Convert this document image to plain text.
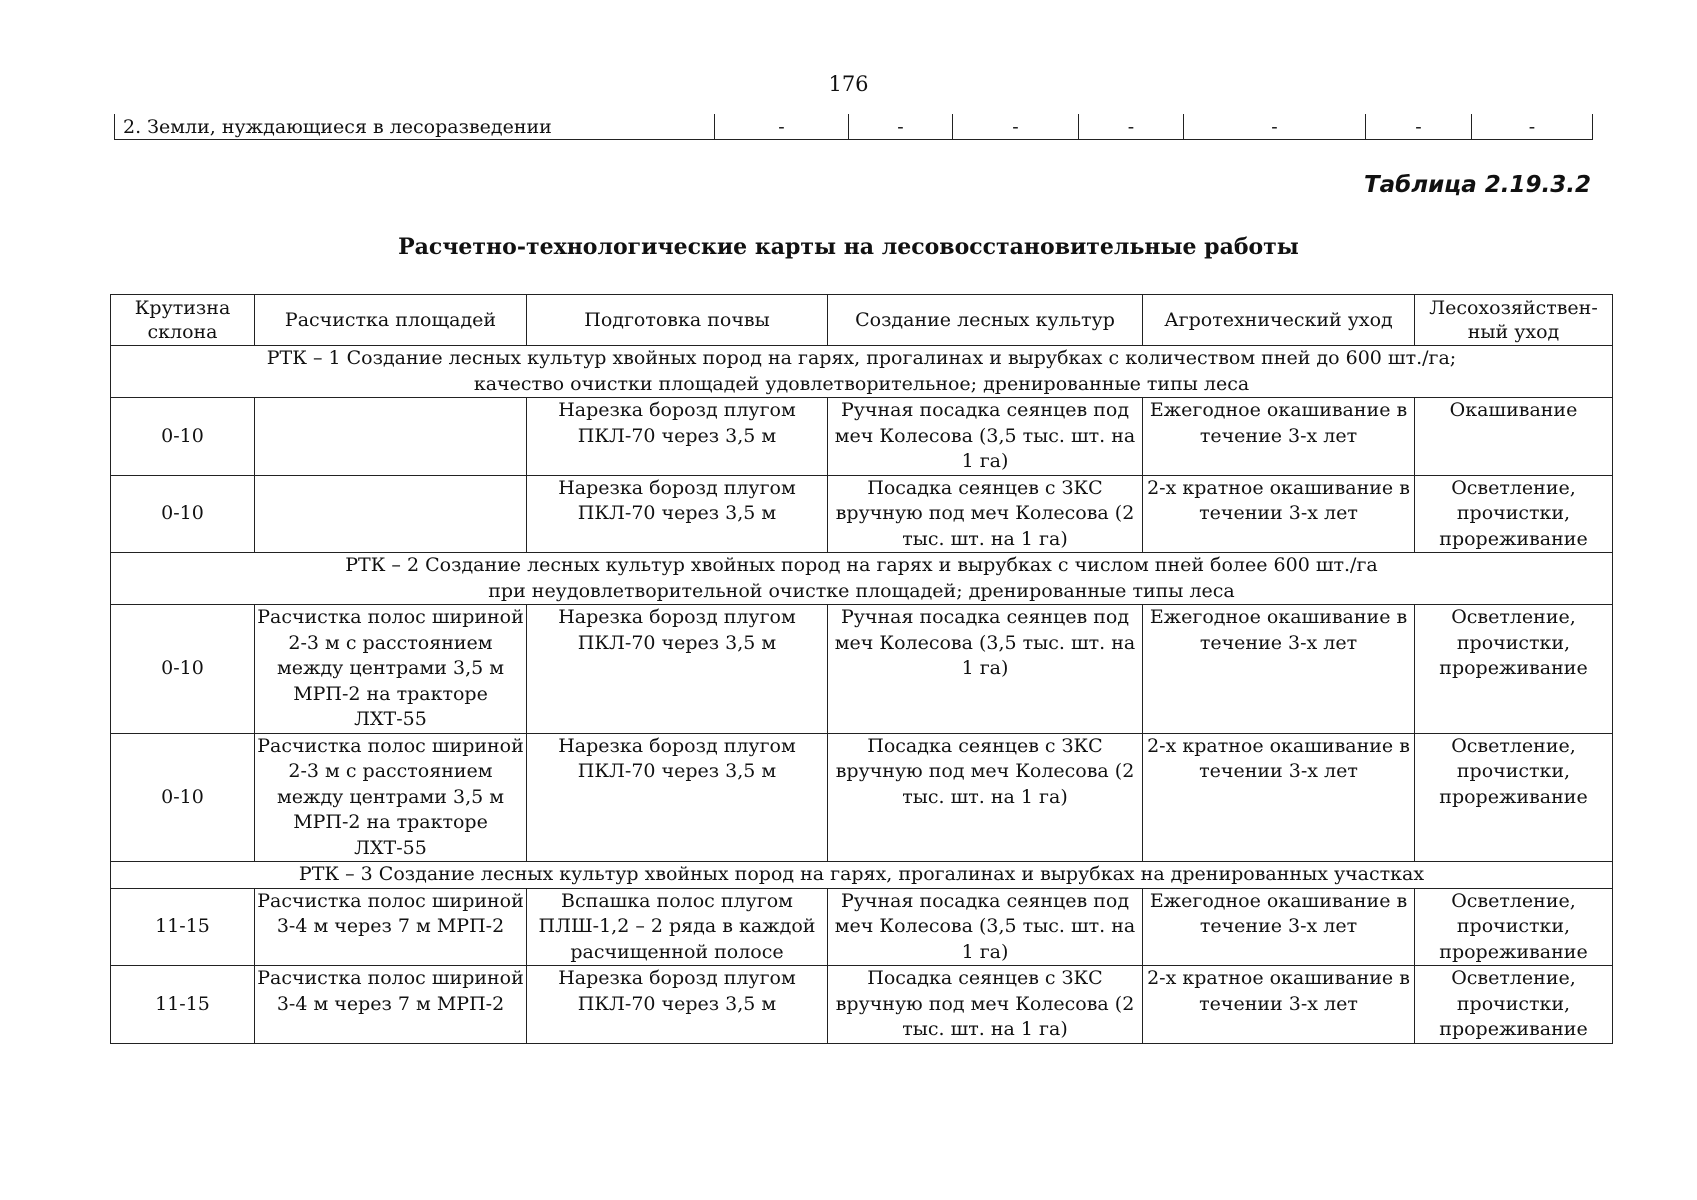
176
2. Земли, нуждающиеся в лесоразведении	-	-	-	-	-	-	-
Таблица 2.19.3.2
Расчетно-технологические карты на лесовосстановительные работы
Крутизна склона	Расчистка площадей	Подготовка почвы	Создание лесных культур	Агротехнический уход	Лесохозяйствен-ный уход

РТК – 1 Создание лесных культур хвойных пород на гарях, прогалинах и вырубках с количеством пней до 600 шт./га;
качество очистки площадей удовлетворительное; дренированные типы леса					

0-10		Нарезка борозд плугом ПКЛ-70 через 3,5 м	Ручная посадка сеянцев под меч Колесова (3,5 тыс. шт. на 1 га)	Ежегодное окашивание в течение 3-х лет	Окашивание
0-10		Нарезка борозд плугом ПКЛ-70 через 3,5 м	Посадка сеянцев с ЗКС вручную под меч Колесова (2 тыс. шт. на 1 га)	2-х кратное окашивание в течении 3-х лет	Осветление, прочистки, прореживание

РТК – 2 Создание лесных культур хвойных пород на гарях и вырубках с числом пней более 600 шт./га
при неудовлетворительной очистке площадей; дренированные типы леса					

0-10	Расчистка полос шириной 2-3 м с расстоянием между центрами 3,5 м МРП-2 на тракторе ЛХТ-55	Нарезка борозд плугом ПКЛ-70 через 3,5 м	Ручная посадка сеянцев под меч Колесова (3,5 тыс. шт. на 1 га)	Ежегодное окашивание в течение 3-х лет	Осветление, прочистки, прореживание
0-10	Расчистка полос шириной 2-3 м с расстоянием между центрами 3,5 м МРП-2 на тракторе ЛХТ-55	Нарезка борозд плугом ПКЛ-70 через 3,5 м	Посадка сеянцев с ЗКС вручную под меч Колесова (2 тыс. шт. на 1 га)	2-х кратное окашивание в течении 3-х лет	Осветление, прочистки, прореживание

РТК – 3 Создание лесных культур хвойных пород на гарях, прогалинах и вырубках на дренированных участках					

11-15	Расчистка полос шириной 3-4 м через 7 м МРП-2	Вспашка полос плугом ПЛШ-1,2 – 2 ряда в каждой расчищенной полосе	Ручная посадка сеянцев под меч Колесова (3,5 тыс. шт. на 1 га)	Ежегодное окашивание в течение 3-х лет	Осветление, прочистки, прореживание
11-15	Расчистка полос шириной 3-4 м через 7 м МРП-2	Нарезка борозд плугом ПКЛ-70 через 3,5 м	Посадка сеянцев с ЗКС вручную под меч Колесова (2 тыс. шт. на 1 га)	2-х кратное окашивание в течении 3-х лет	Осветление, прочистки, прореживание
